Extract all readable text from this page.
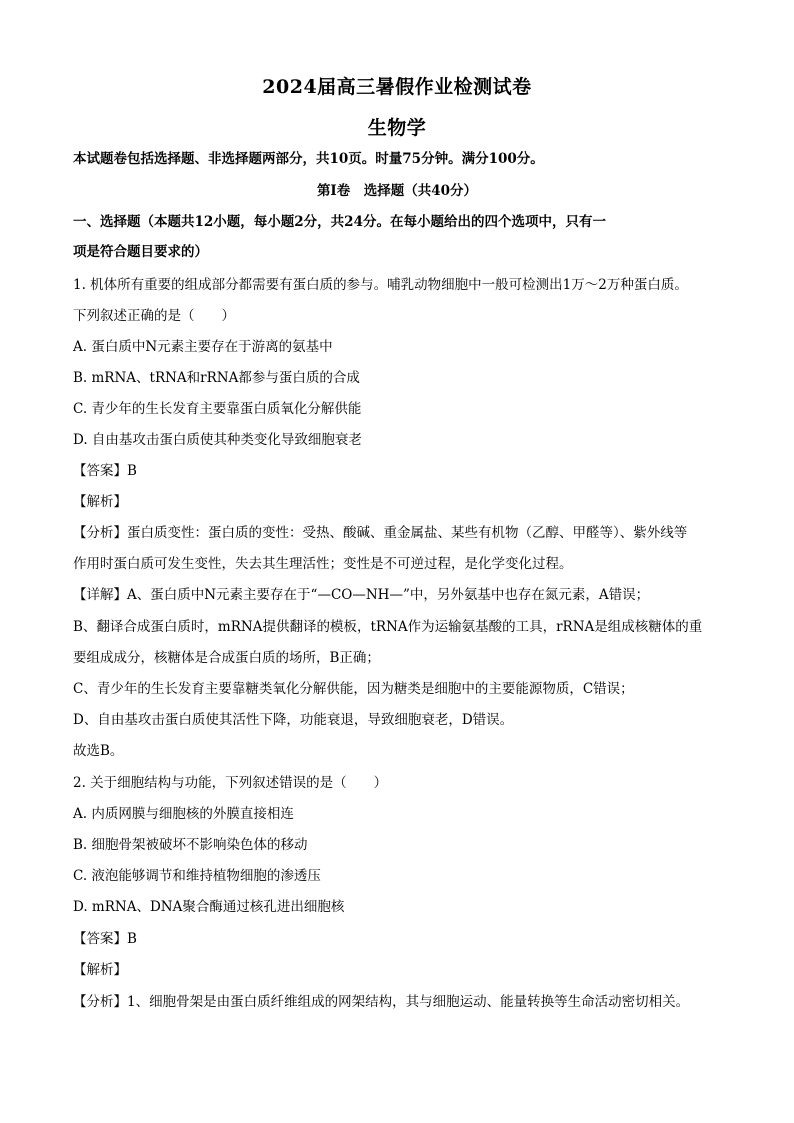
2024届高三暑假作业检测试卷
生物学
本试题卷包括选择题、非选择题两部分，共10页。时量75分钟。满分100分。
第Ⅰ卷　选择题（共40分）
一、选择题（本题共12小题，每小题2分，共24分。在每小题给出的四个选项中，只有一
项是符合题目要求的）
1. 机体所有重要的组成部分都需要有蛋白质的参与。哺乳动物细胞中一般可检测出1万～2万种蛋白质。
下列叙述正确的是（　　）
A. 蛋白质中N元素主要存在于游离的氨基中
B. mRNA、tRNA和rRNA都参与蛋白质的合成
C. 青少年的生长发育主要靠蛋白质氧化分解供能
D. 自由基攻击蛋白质使其种类变化导致细胞衰老
【答案】B
【解析】
【分析】蛋白质变性：蛋白质的变性：受热、酸碱、重金属盐、某些有机物（乙醇、甲醛等）、紫外线等
作用时蛋白质可发生变性，失去其生理活性；变性是不可逆过程，是化学变化过程。
【详解】A、蛋白质中N元素主要存在于“—CO—NH—”中，另外氨基中也存在氮元素，A错误；
B、翻译合成蛋白质时，mRNA提供翻译的模板，tRNA作为运输氨基酸的工具，rRNA是组成核糖体的重
要组成成分，核糖体是合成蛋白质的场所，B正确；
C、青少年的生长发育主要靠糖类氧化分解供能，因为糖类是细胞中的主要能源物质，C错误；
D、自由基攻击蛋白质使其活性下降，功能衰退，导致细胞衰老，D错误。
故选B。
2. 关于细胞结构与功能，下列叙述错误的是（　　）
A. 内质网膜与细胞核的外膜直接相连
B. 细胞骨架被破坏不影响染色体的移动
C. 液泡能够调节和维持植物细胞的渗透压
D. mRNA、DNA聚合酶通过核孔进出细胞核
【答案】B
【解析】
【分析】1、细胞骨架是由蛋白质纤维组成的网架结构，其与细胞运动、能量转换等生命活动密切相关。
